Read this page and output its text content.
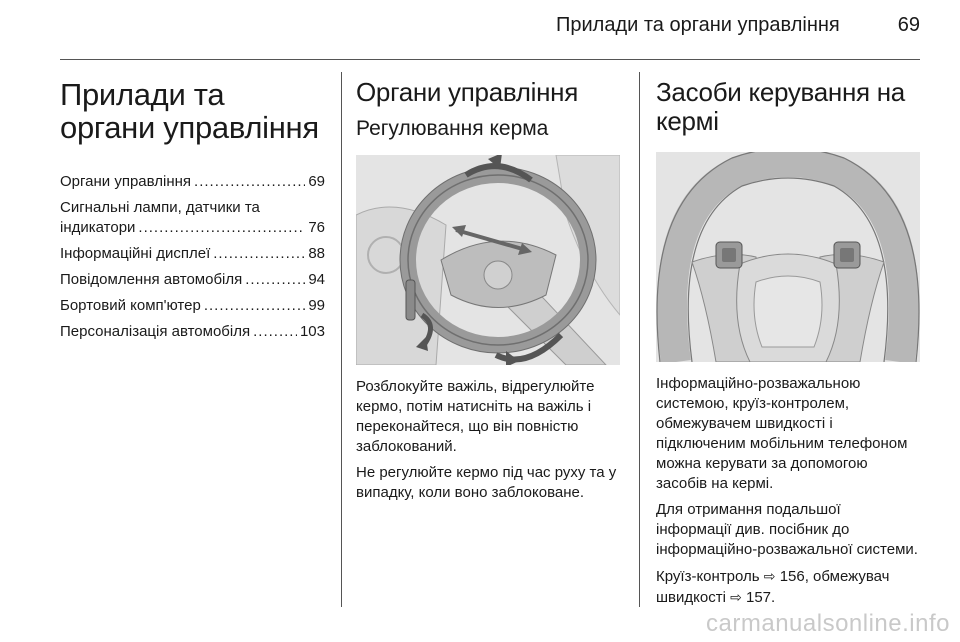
Прилади та органи управління	69
Прилади та органи управління
Органи управління .....	69
Сигнальні лампи, датчики та
індикатори .....	76
Інформаційні дисплеї .....	88
Повідомлення автомобіля .....	94
Бортовий комп'ютер .....	99
Персоналізація автомобіля .....	103
Органи управління
Регулювання керма

Розблокуйте важіль, відрегулюйте кермо, потім натисніть на важіль і переконайтеся, що він повністю заблокований.

Не регулюйте кермо під час руху та у випадку, коли воно заблоковане.

Засоби керування на кермі

Інформаційно-розважальною системою, круїз-контролем, обмежувачем швидкості і підключеним мобільним телефоном можна керувати за допомогою засобів на кермі.

Для отримання подальшої інформації див. посібник до інформаційно-розважальної системи.

Круїз-контроль ⇨ 156, обмежувач швидкості ⇨ 157.

carmanualsonline.info
